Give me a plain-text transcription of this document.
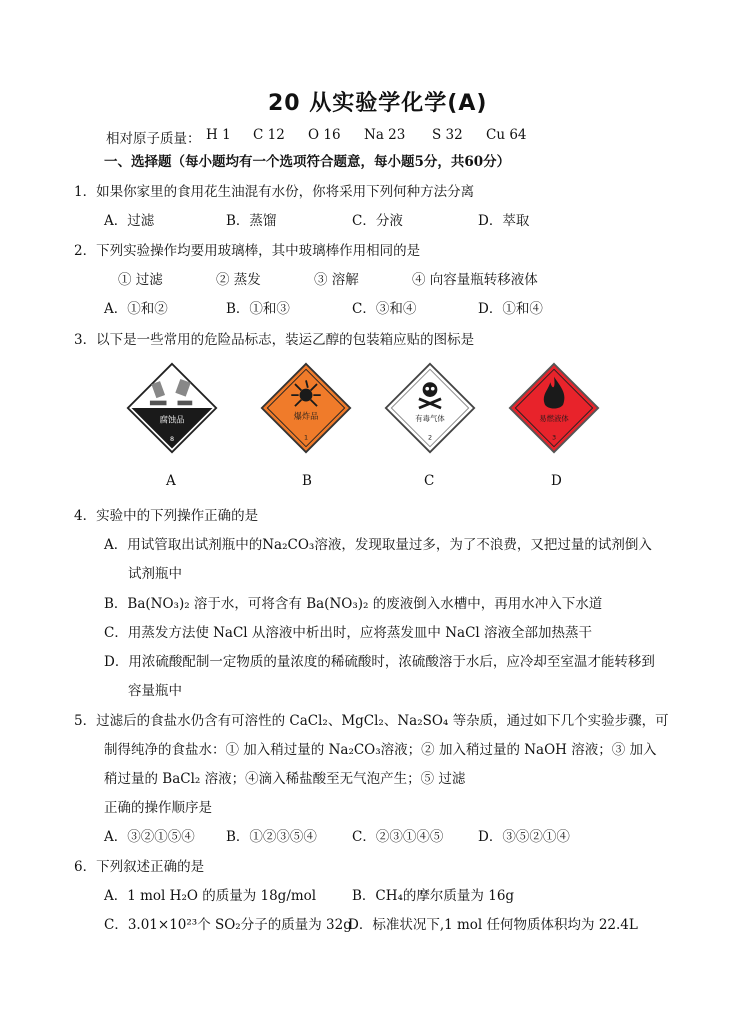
20 从实验学化学(A)
相对原子质量： H 1 C 12 O 16 Na 23 S 32 Cu 64
一、选择题（每小题均有一个选项符合题意，每小题5分，共60分）
1．如果你家里的食用花生油混有水份，你将采用下列何种方法分离
A．过滤	B．蒸馏	C．分液	D．萃取
2．下列实验操作均要用玻璃棒，其中玻璃棒作用相同的是
① 过滤	② 蒸发	③ 溶解	④ 向容量瓶转移液体
A．①和②	B．①和③	C．③和④	D．①和④
3．以下是一些常用的危险品标志，装运乙醇的包装箱应贴的图标是
腐蚀品
8
A
爆炸品
1
B
有毒气体
2
C
易燃液体
3
D
4．实验中的下列操作正确的是
A．用试管取出试剂瓶中的Na₂CO₃溶液，发现取量过多，为了不浪费，又把过量的试剂倒入
试剂瓶中
B．Ba(NO₃)₂ 溶于水，可将含有 Ba(NO₃)₂ 的废液倒入水槽中，再用水冲入下水道
C．用蒸发方法使 NaCl 从溶液中析出时，应将蒸发皿中 NaCl 溶液全部加热蒸干
D．用浓硫酸配制一定物质的量浓度的稀硫酸时，浓硫酸溶于水后，应冷却至室温才能转移到
容量瓶中
5．过滤后的食盐水仍含有可溶性的 CaCl₂、MgCl₂、Na₂SO₄ 等杂质，通过如下几个实验步骤，可
制得纯净的食盐水：① 加入稍过量的 Na₂CO₃溶液；② 加入稍过量的 NaOH 溶液；③ 加入
稍过量的 BaCl₂ 溶液；④滴入稀盐酸至无气泡产生；⑤ 过滤
正确的操作顺序是
A．③②①⑤④ B．①②③⑤④	C．②③①④⑤	D．③⑤②①④
6．下列叙述正确的是
A．1 mol H₂O 的质量为 18g/mol	B．CH₄的摩尔质量为 16g
C．3.01×10²³个 SO₂分子的质量为 32g
D．标准状况下,1 mol 任何物质体积均为 22.4L
